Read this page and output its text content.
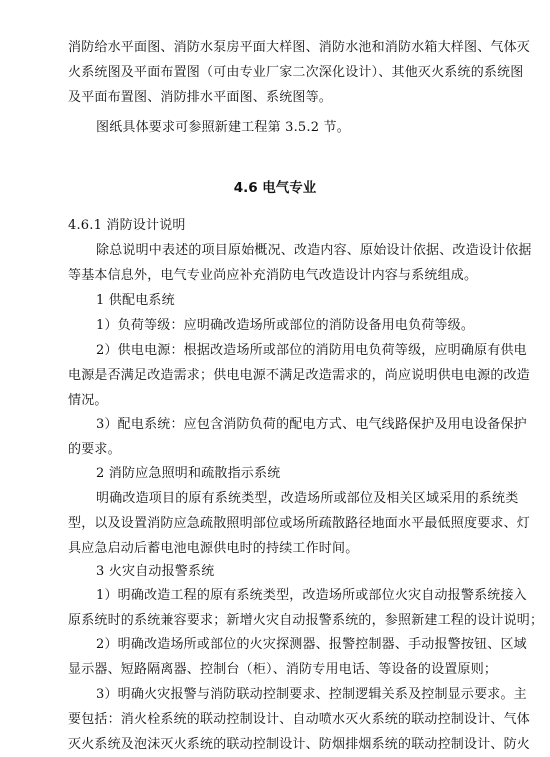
消防给水平面图、消防水泵房平面大样图、消防水池和消防水箱大样图、气体灭
火系统图及平面布置图（可由专业厂家二次深化设计）、其他灭火系统的系统图
及平面布置图、消防排水平面图、系统图等。

图纸具体要求可参照新建工程第 3.5.2 节。

4.6 电气专业

4.6.1 消防设计说明

除总说明中表述的项目原始概况、改造内容、原始设计依据、改造设计依据
等基本信息外，电气专业尚应补充消防电气改造设计内容与系统组成。

1 供配电系统

1）负荷等级：应明确改造场所或部位的消防设备用电负荷等级。

2）供电电源：根据改造场所或部位的消防用电负荷等级，应明确原有供电
电源是否满足改造需求；供电电源不满足改造需求的，尚应说明供电电源的改造
情况。

3）配电系统：应包含消防负荷的配电方式、电气线路保护及用电设备保护
的要求。

2 消防应急照明和疏散指示系统

明确改造项目的原有系统类型，改造场所或部位及相关区域采用的系统类
型，以及设置消防应急疏散照明部位或场所疏散路径地面水平最低照度要求、灯
具应急启动后蓄电池电源供电时的持续工作时间。

3 火灾自动报警系统

1）明确改造工程的原有系统类型，改造场所或部位火灾自动报警系统接入
原系统时的系统兼容要求；新增火灾自动报警系统的，参照新建工程的设计说明；

2）明确改造场所或部位的火灾探测器、报警控制器、手动报警按钮、区域
显示器、短路隔离器、控制台（柜）、消防专用电话、等设备的设置原则；

3）明确火灾报警与消防联动控制要求、控制逻辑关系及控制显示要求。主
要包括：消火栓系统的联动控制设计、自动喷水灭火系统的联动控制设计、气体
灭火系统及泡沫灭火系统的联动控制设计、防烟排烟系统的联动控制设计、防火
